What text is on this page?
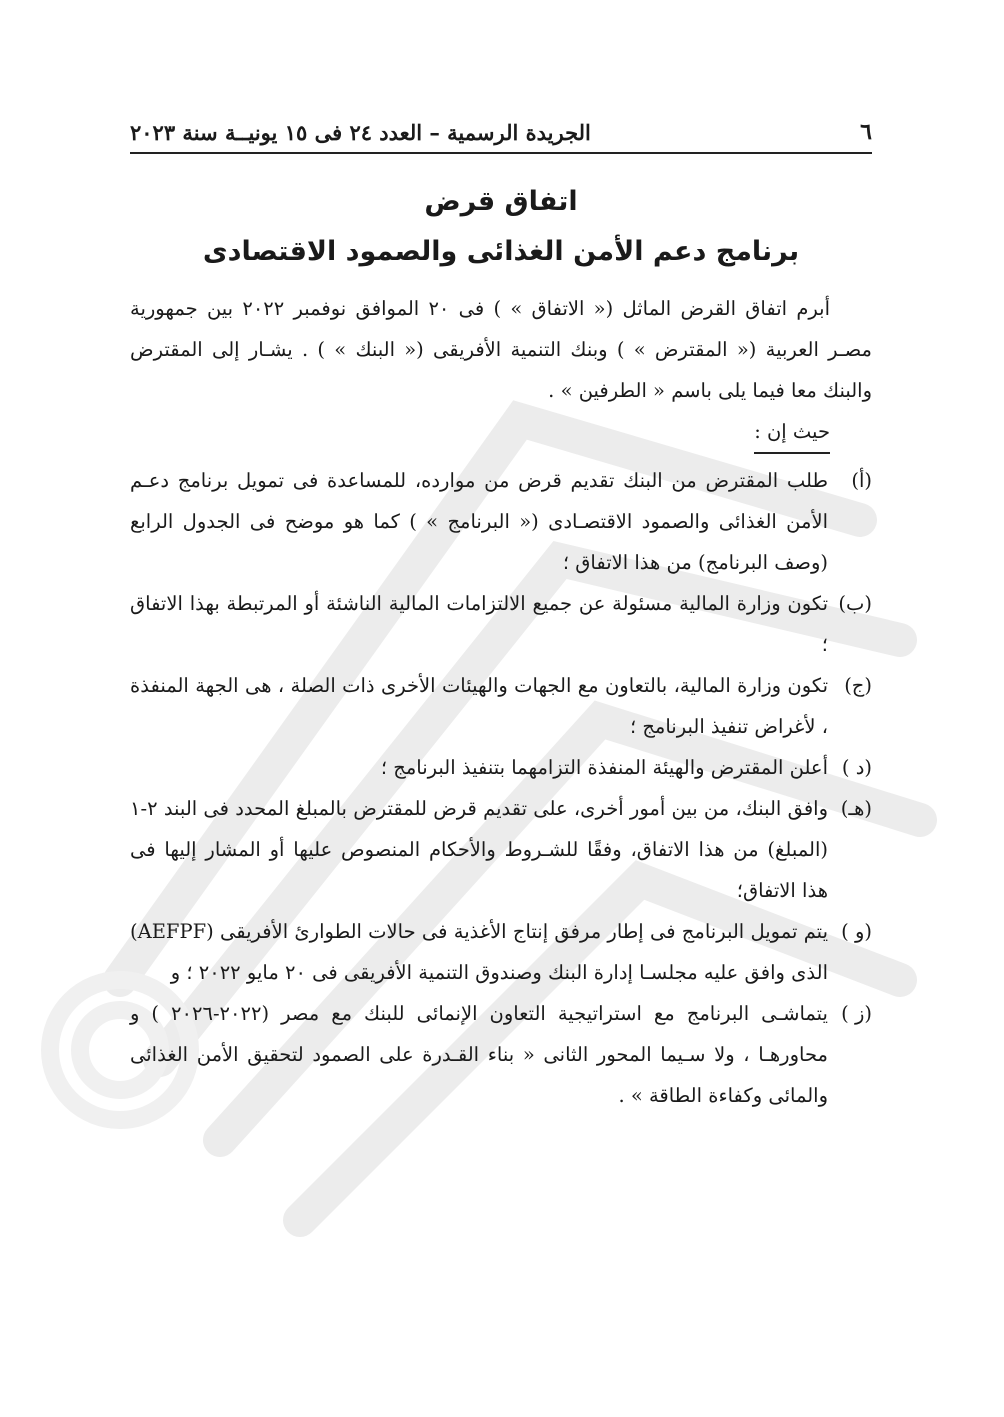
٦
الجريدة الرسمية – العدد ٢٤ فى ١٥ يونيــة سنة ٢٠٢٣
اتفاق قرض
برنامج دعم الأمن الغذائى والصمود الاقتصادى

أبرم اتفاق القرض الماثل (« الاتفاق » ) فى ٢٠ الموافق نوفمبر ٢٠٢٢ بين جمهورية مصـر العربية (« المقترض » ) وبنك التنمية الأفريقى (« البنك » ) . يشـار إلى المقترض والبنك معا فيما يلى باسم « الطرفين » .

حيث إن :
(أ)
طلب المقترض من البنك تقديم قرض من موارده، للمساعدة فى تمويل برنامج دعـم الأمن الغذائى والصمود الاقتصـادى (« البرنامج » ) كما هو موضح فى الجدول الرابع (وصف البرنامج) من هذا الاتفاق ؛
(ب)
تكون وزارة المالية مسئولة عن جميع الالتزامات المالية الناشئة أو المرتبطة بهذا الاتفاق ؛
(ج)
تكون وزارة المالية، بالتعاون مع الجهات والهيئات الأخرى ذات الصلة ، هى الجهة المنفذة ، لأغراض تنفيذ البرنامج ؛
(د )
أعلن المقترض والهيئة المنفذة التزامهما بتنفيذ البرنامج ؛
(هـ)
وافق البنك، من بين أمور أخرى، على تقديم قرض للمقترض بالمبلغ المحدد فى البند ٢-١ (المبلغ) من هذا الاتفاق، وفقًا للشـروط والأحكام المنصوص عليها أو المشار إليها فى هذا الاتفاق؛
(و )
يتم تمويل البرنامج فى إطار مرفق إنتاج الأغذية فى حالات الطوارئ الأفريقى (AEFPF) الذى وافق عليه مجلسـا إدارة البنك وصندوق التنمية الأفريقى فى ٢٠ مايو ٢٠٢٢ ؛ و
(ز )
يتماشـى البرنامج مع استراتيجية التعاون الإنمائى للبنك مع مصر (٢٠٢٢-٢٠٢٦ ) و محاورهـا ، ولا سـيما المحور الثانى « بناء القـدرة على الصمود لتحقيق الأمن الغذائى والمائى وكفاءة الطاقة » .
